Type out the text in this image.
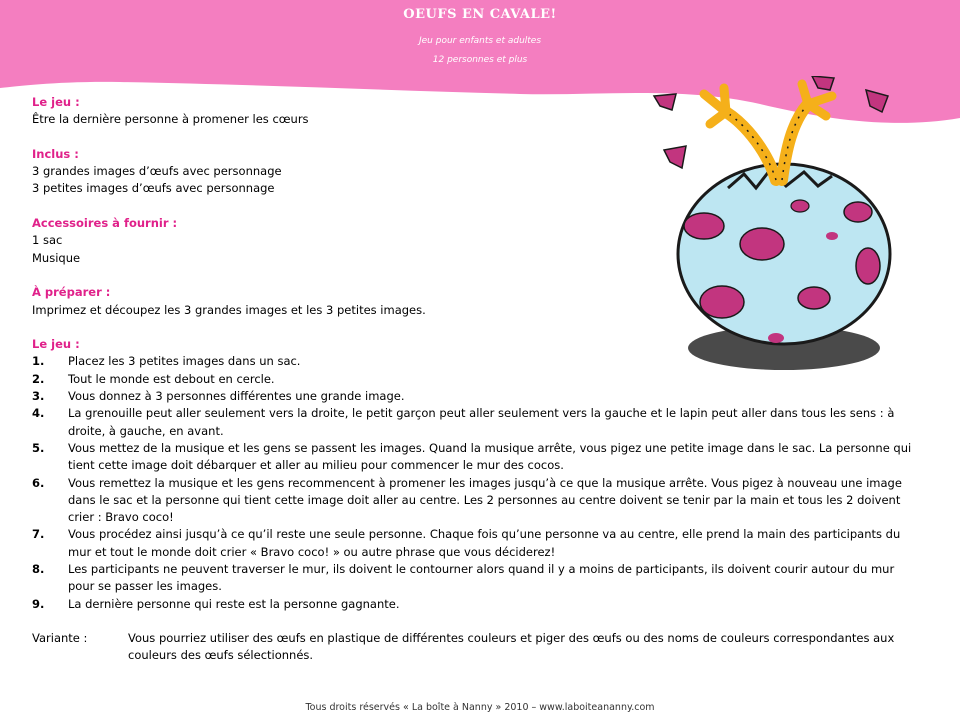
OEUFS EN CAVALE!
Jeu pour enfants et adultes
12 personnes et plus
Le jeu :
Être la dernière personne à promener les cœurs
Inclus :
3 grandes images d’œufs avec personnage
3 petites images d’œufs avec personnage
Accessoires à fournir :
1 sac
Musique
À préparer :
Imprimez et découpez les 3 grandes images et les 3 petites images.
Le jeu :
1.	Placez les 3 petites images dans un sac.
2.	Tout le monde est debout en cercle.
3.	Vous donnez à 3 personnes différentes une grande image.
4.	La grenouille peut aller seulement vers la droite, le petit garçon peut aller seulement vers la gauche et le lapin peut aller dans tous les sens : à droite, à gauche, en avant.
5.	Vous mettez de la musique et les gens se passent les images. Quand la musique arrête, vous pigez une petite image dans le sac. La personne qui tient cette image doit débarquer et aller au milieu pour commencer le mur des cocos.
6.	Vous remettez la musique et les gens recommencent à promener les images jusqu’à ce que la musique arrête. Vous pigez à nouveau une image dans le sac et la personne qui tient cette image doit aller au centre. Les 2 personnes au centre doivent se tenir par la main et tous les 2 doivent crier : Bravo coco!
7.	Vous procédez ainsi jusqu’à ce qu’il reste une seule personne. Chaque fois qu’une personne va au centre, elle prend la main des participants du mur et tout le monde doit crier « Bravo coco! » ou autre phrase que vous déciderez!
8.	Les participants ne peuvent traverser le mur, ils doivent le contourner alors quand il y a moins de participants, ils doivent courir autour du mur pour se passer les images.
9.	La dernière personne qui reste est la personne gagnante.
Variante :	Vous pourriez utiliser des œufs en plastique de différentes couleurs et piger des œufs ou des noms de couleurs correspondantes aux couleurs des œufs sélectionnés.
Tous droits réservés « La boîte à Nanny » 2010 – www.laboiteananny.com
